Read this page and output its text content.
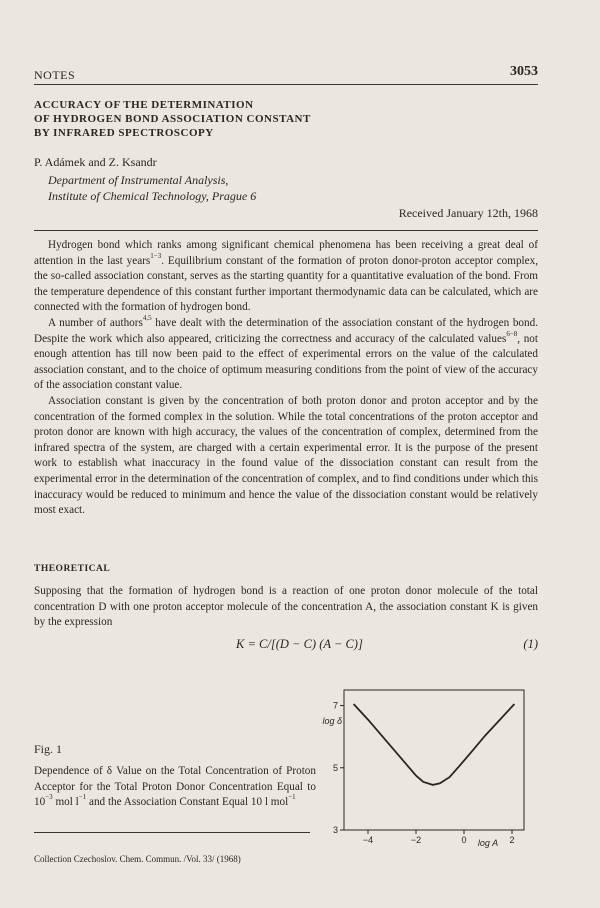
NOTES	3053
ACCURACY OF THE DETERMINATION
OF HYDROGEN BOND ASSOCIATION CONSTANT
BY INFRARED SPECTROSCOPY
P. Adámek and Z. Ksandr
Department of Instrumental Analysis,
Institute of Chemical Technology, Prague 6
Received January 12th, 1968

Hydrogen bond which ranks among significant chemical phenomena has been receiving a great deal of attention in the last years$^{1-3}$. Equilibrium constant of the formation of proton donor-proton acceptor complex, the so-called association constant, serves as the starting quantity for a quantitative evaluation of the bond. From the temperature dependence of this constant further important thermodynamic data can be calculated, which are connected with the formation of hydrogen bond.

A number of authors$^{4,5}$ have dealt with the determination of the association constant of the hydrogen bond. Despite the work which also appeared, criticizing the correctness and accuracy of the calculated values$^{6-8}$, not enough attention has till now been paid to the effect of experimental errors on the value of the calculated association constant, and to the choice of optimum measuring conditions from the point of view of the accuracy of the association constant value.

Association constant is given by the concentration of both proton donor and proton acceptor and by the concentration of the formed complex in the solution. While the total concentrations of the proton acceptor and proton donor are known with high accuracy, the values of the concentration of complex, determined from the infrared spectra of the system, are charged with a certain experimental error. It is the purpose of the present work to establish what inaccuracy in the found value of the dissociation constant can result from the experimental error in the determination of the concentration of complex, and to find conditions under which this inaccuracy would be reduced to minimum and hence the value of the dissociation constant would be relatively most exact.

THEORETICAL
Supposing that the formation of hydrogen bond is a reaction of one proton donor molecule of the total concentration D with one proton acceptor molecule of the concentration A, the association constant K is given by the expression
K = C/[(D − C) (A − C)]	(1)
Fig. 1
Dependence of δ Value on the Total Concentration of Proton Acceptor for the Total Proton Donor Concentration Equal to $10^{-3}$ mol $l^{-1}$ and the Association Constant Equal 10 l mol$^{-1}$
7
5
3
−4	−2	0	2
log δ
log A
Collection Czechoslov. Chem. Commun. /Vol. 33/ (1968)
